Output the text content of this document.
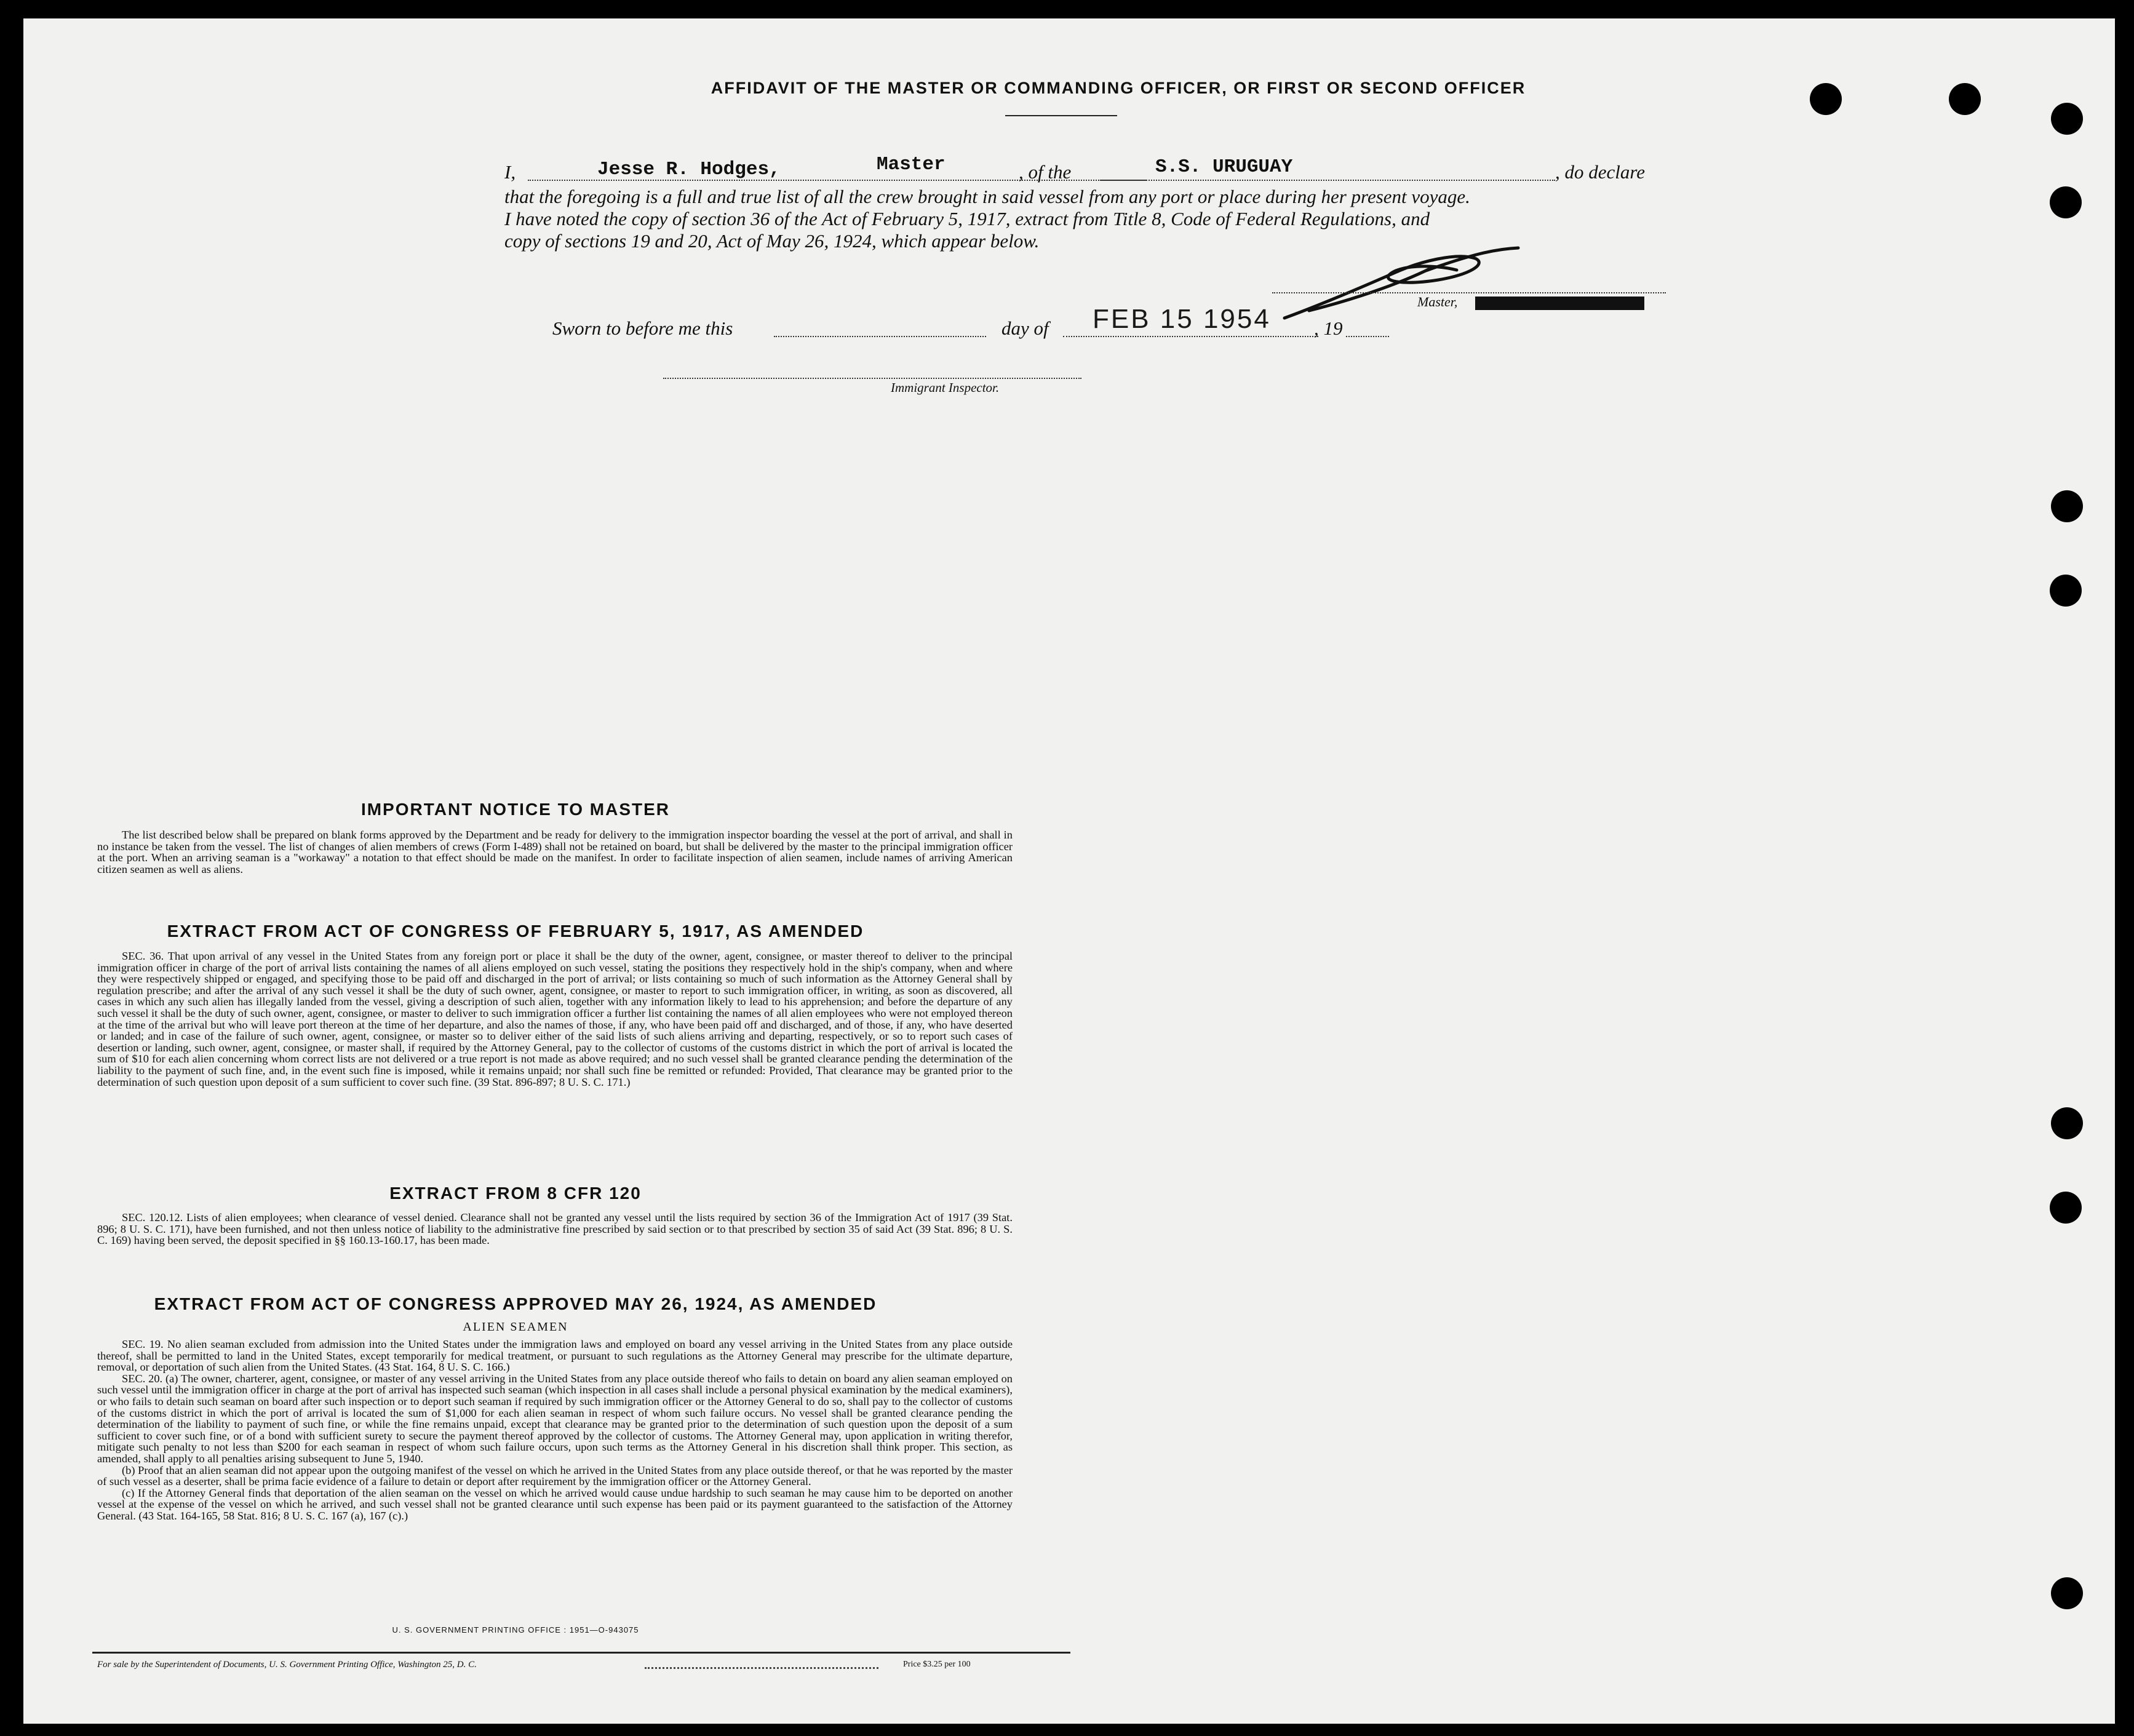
AFFIDAVIT OF THE MASTER OR COMMANDING OFFICER, OR FIRST OR SECOND OFFICER
I,	Jesse R. Hodges,	Master	, of the	S.S. URUGUAY	, do declare
that the foregoing is a full and true list of all the crew brought in said vessel from any port or place during her present voyage.
I have noted the copy of section 36 of the Act of February 5, 1917, extract from Title 8, Code of Federal Regulations, and
copy of sections 19 and 20, Act of May 26, 1924, which appear below.
Master,
Sworn to before me this	day of FEB 15 1954 , 19
Immigrant Inspector.
IMPORTANT NOTICE TO MASTER

The list described below shall be prepared on blank forms approved by the Department and be ready for delivery to the immigration inspector boarding the vessel at the port of arrival, and shall in no instance be taken from the vessel. The list of changes of alien members of crews (Form I-489) shall not be retained on board, but shall be delivered by the master to the principal immigration officer at the port. When an arriving seaman is a "workaway" a notation to that effect should be made on the manifest. In order to facilitate inspection of alien seamen, include names of arriving American citizen seamen as well as aliens.

EXTRACT FROM ACT OF CONGRESS OF FEBRUARY 5, 1917, AS AMENDED

SEC. 36. That upon arrival of any vessel in the United States from any foreign port or place it shall be the duty of the owner, agent, consignee, or master thereof to deliver to the principal immigration officer in charge of the port of arrival lists containing the names of all aliens employed on such vessel, stating the positions they respectively hold in the ship's company, when and where they were respectively shipped or engaged, and specifying those to be paid off and discharged in the port of arrival; or lists containing so much of such information as the Attorney General shall by regulation prescribe; and after the arrival of any such vessel it shall be the duty of such owner, agent, consignee, or master to report to such immigration officer, in writing, as soon as discovered, all cases in which any such alien has illegally landed from the vessel, giving a description of such alien, together with any information likely to lead to his apprehension; and before the departure of any such vessel it shall be the duty of such owner, agent, consignee, or master to deliver to such immigration officer a further list containing the names of all alien employees who were not employed thereon at the time of the arrival but who will leave port thereon at the time of her departure, and also the names of those, if any, who have been paid off and discharged, and of those, if any, who have deserted or landed; and in case of the failure of such owner, agent, consignee, or master so to deliver either of the said lists of such aliens arriving and departing, respectively, or so to report such cases of desertion or landing, such owner, agent, consignee, or master shall, if required by the Attorney General, pay to the collector of customs of the customs district in which the port of arrival is located the sum of $10 for each alien concerning whom correct lists are not delivered or a true report is not made as above required; and no such vessel shall be granted clearance pending the determination of the liability to the payment of such fine, and, in the event such fine is imposed, while it remains unpaid; nor shall such fine be remitted or refunded: Provided, That clearance may be granted prior to the determination of such question upon deposit of a sum sufficient to cover such fine. (39 Stat. 896-897; 8 U. S. C. 171.)

EXTRACT FROM 8 CFR 120

SEC. 120.12. Lists of alien employees; when clearance of vessel denied. Clearance shall not be granted any vessel until the lists required by section 36 of the Immigration Act of 1917 (39 Stat. 896; 8 U. S. C. 171), have been furnished, and not then unless notice of liability to the administrative fine prescribed by said section or to that prescribed by section 35 of said Act (39 Stat. 896; 8 U. S. C. 169) having been served, the deposit specified in §§ 160.13-160.17, has been made.

EXTRACT FROM ACT OF CONGRESS APPROVED MAY 26, 1924, AS AMENDED
ALIEN SEAMEN

SEC. 19. No alien seaman excluded from admission into the United States under the immigration laws and employed on board any vessel arriving in the United States from any place outside thereof, shall be permitted to land in the United States, except temporarily for medical treatment, or pursuant to such regulations as the Attorney General may prescribe for the ultimate departure, removal, or deportation of such alien from the United States. (43 Stat. 164, 8 U. S. C. 166.)

SEC. 20. (a) The owner, charterer, agent, consignee, or master of any vessel arriving in the United States from any place outside thereof who fails to detain on board any alien seaman employed on such vessel until the immigration officer in charge at the port of arrival has inspected such seaman (which inspection in all cases shall include a personal physical examination by the medical examiners), or who fails to detain such seaman on board after such inspection or to deport such seaman if required by such immigration officer or the Attorney General to do so, shall pay to the collector of customs of the customs district in which the port of arrival is located the sum of $1,000 for each alien seaman in respect of whom such failure occurs. No vessel shall be granted clearance pending the determination of the liability to payment of such fine, or while the fine remains unpaid, except that clearance may be granted prior to the determination of such question upon the deposit of a sum sufficient to cover such fine, or of a bond with sufficient surety to secure the payment thereof approved by the collector of customs. The Attorney General may, upon application in writing therefor, mitigate such penalty to not less than $200 for each seaman in respect of whom such failure occurs, upon such terms as the Attorney General in his discretion shall think proper. This section, as amended, shall apply to all penalties arising subsequent to June 5, 1940.

(b) Proof that an alien seaman did not appear upon the outgoing manifest of the vessel on which he arrived in the United States from any place outside thereof, or that he was reported by the master of such vessel as a deserter, shall be prima facie evidence of a failure to detain or deport after requirement by the immigration officer or the Attorney General.

(c) If the Attorney General finds that deportation of the alien seaman on the vessel on which he arrived would cause undue hardship to such seaman he may cause him to be deported on another vessel at the expense of the vessel on which he arrived, and such vessel shall not be granted clearance until such expense has been paid or its payment guaranteed to the satisfaction of the Attorney General. (43 Stat. 164-165, 58 Stat. 816; 8 U. S. C. 167 (a), 167 (c).)

U. S. GOVERNMENT PRINTING OFFICE : 1951—O-943075
For sale by the Superintendent of Documents, U. S. Government Printing Office, Washington 25, D. C.	Price $3.25 per 100
